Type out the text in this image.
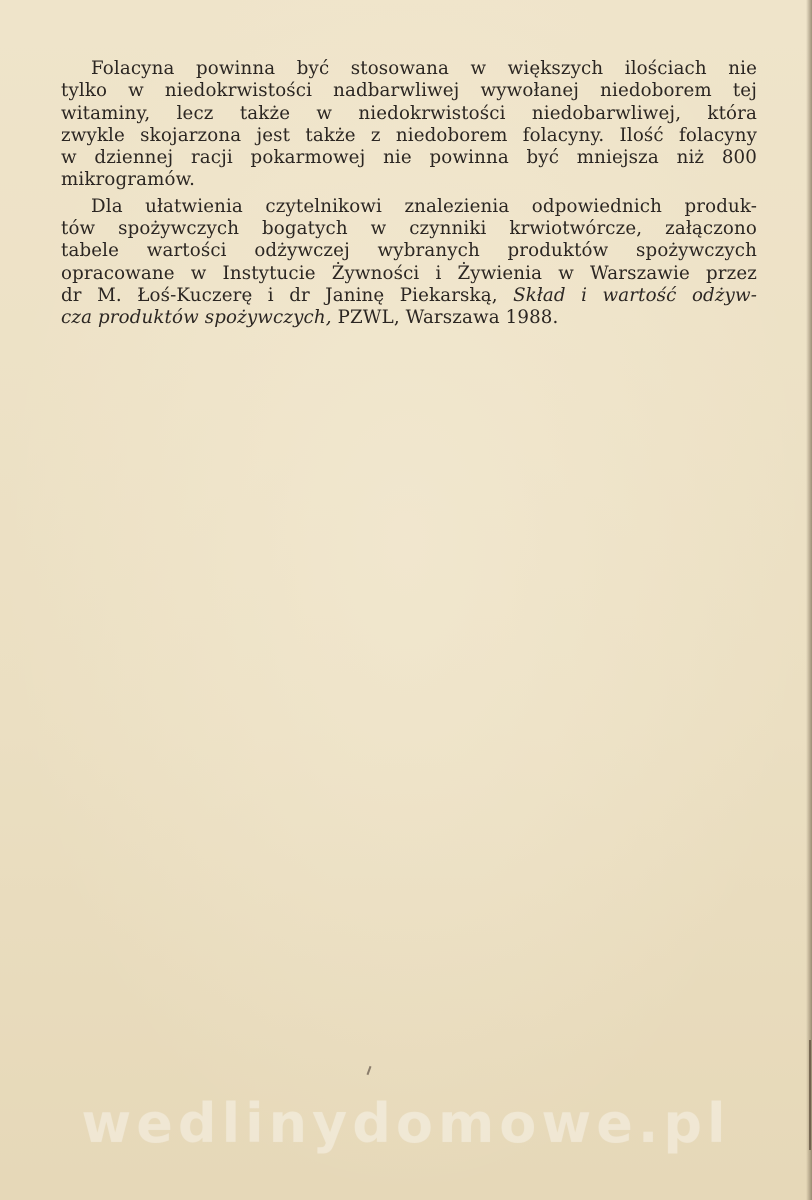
Folacyna powinna być stosowana w większych ilościach nie
tylko w niedokrwistości nadbarwliwej wywołanej niedoborem tej
witaminy, lecz także w niedokrwistości niedobarwliwej, która
zwykle skojarzona jest także z niedoborem folacyny. Ilość folacyny
w dziennej racji pokarmowej nie powinna być mniejsza niż 800
mikrogramów.
Dla ułatwienia czytelnikowi znalezienia odpowiednich produk-
tów spożywczych bogatych w czynniki krwiotwórcze, załączono
tabele wartości odżywczej wybranych produktów spożywczych
opracowane w Instytucie Żywności i Żywienia w Warszawie przez
dr M. Łoś-Kuczerę i dr Janinę Piekarską, Skład i wartość odżyw-
cza produktów spożywczych, PZWL, Warszawa 1988.
wedlinydomowe.pl
